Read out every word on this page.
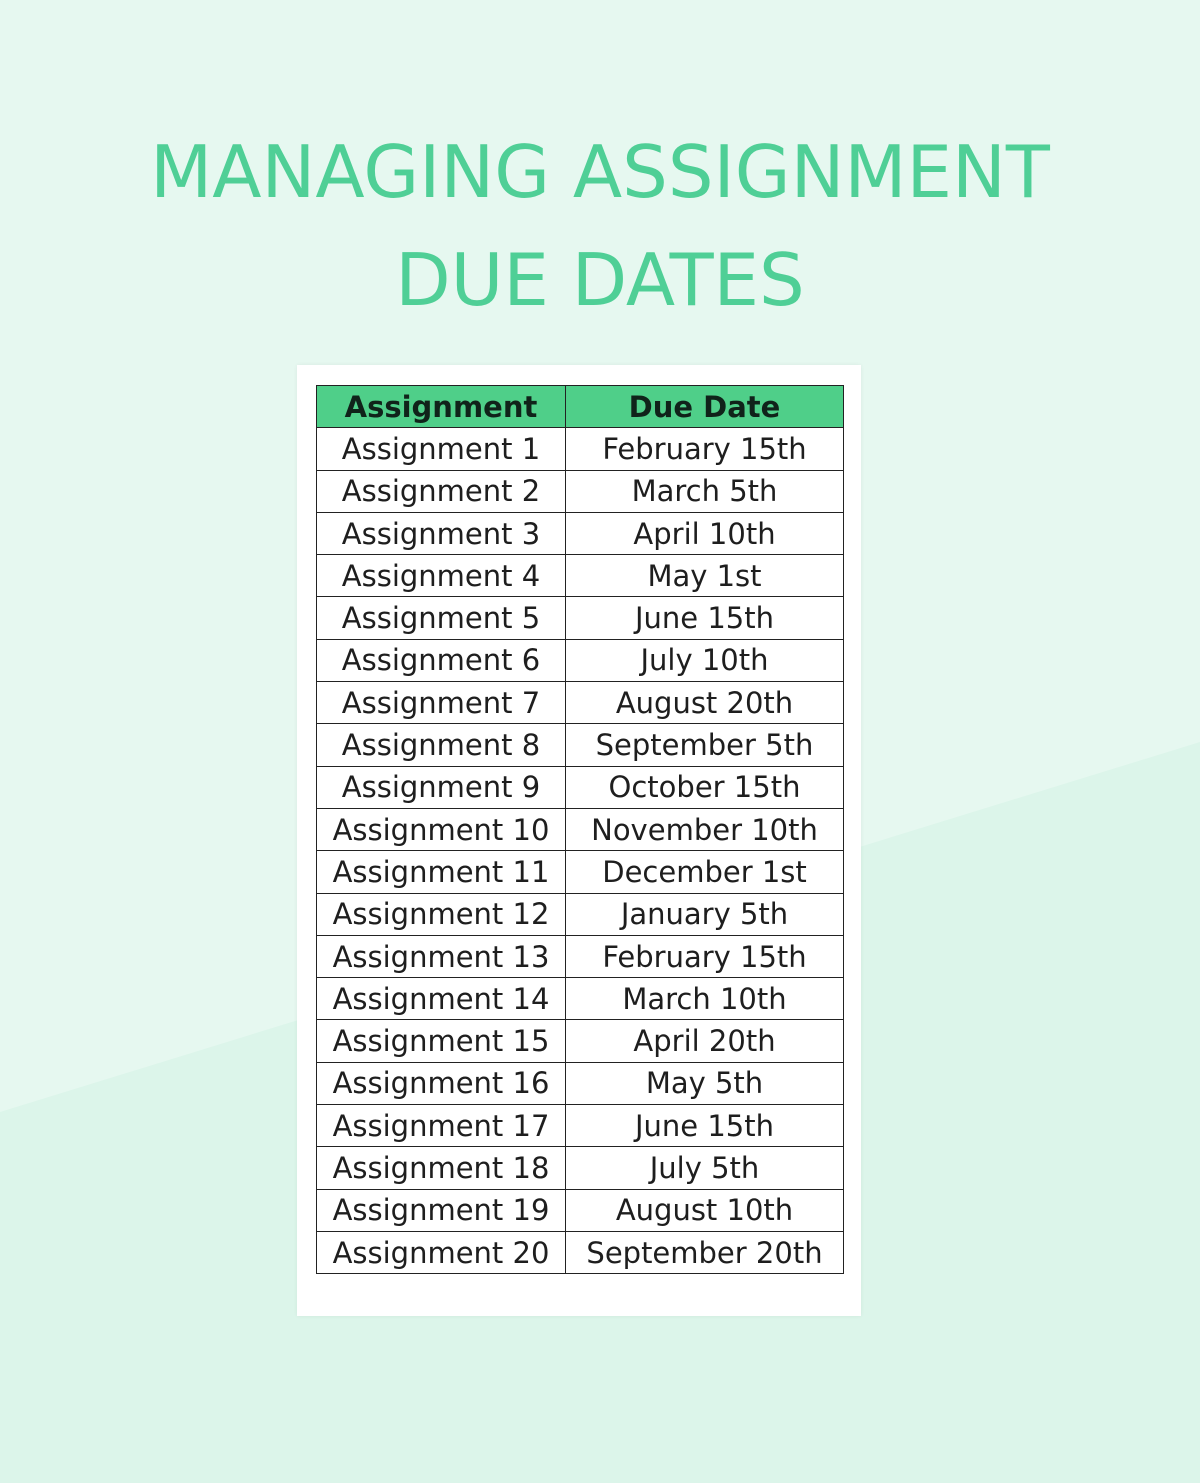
MANAGING ASSIGNMENT
DUE DATES
Assignment	Due Date
Assignment 1	February 15th
Assignment 2	March 5th
Assignment 3	April 10th
Assignment 4	May 1st
Assignment 5	June 15th
Assignment 6	July 10th
Assignment 7	August 20th
Assignment 8	September 5th
Assignment 9	October 15th
Assignment 10	November 10th
Assignment 11	December 1st
Assignment 12	January 5th
Assignment 13	February 15th
Assignment 14	March 10th
Assignment 15	April 20th
Assignment 16	May 5th
Assignment 17	June 15th
Assignment 18	July 5th
Assignment 19	August 10th
Assignment 20	September 20th
